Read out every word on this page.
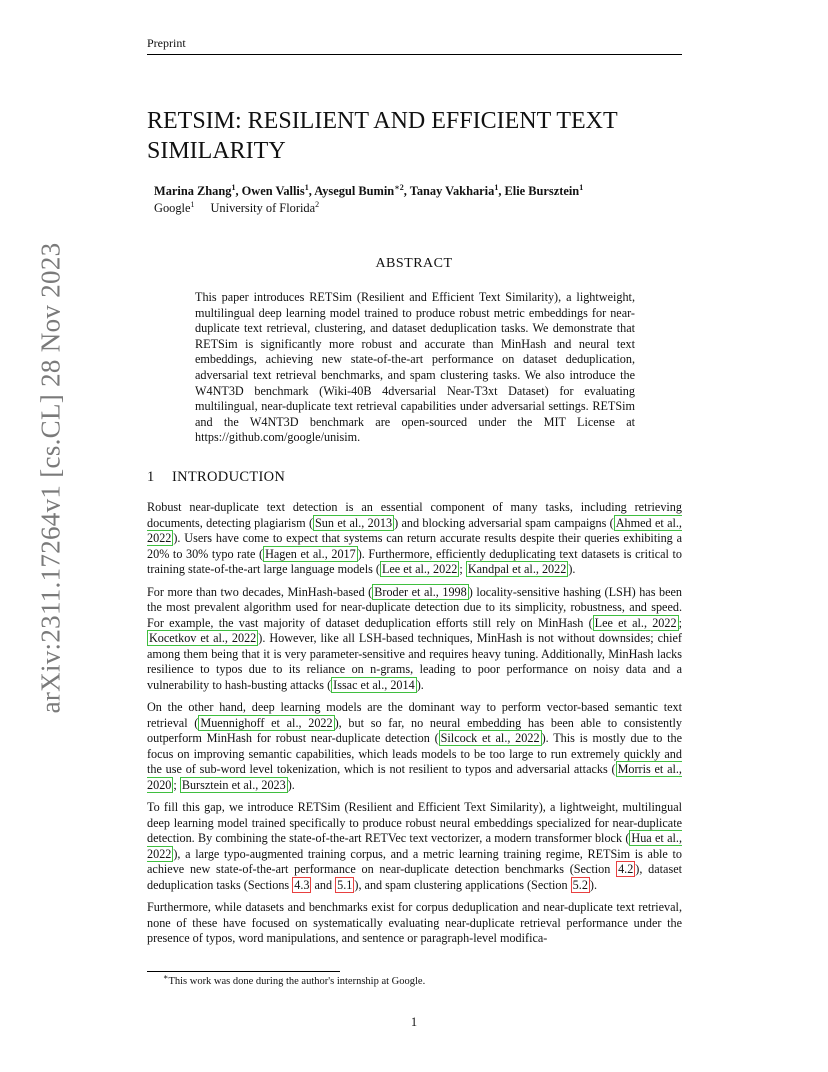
Preprint
arXiv:2311.17264v1 [cs.CL] 28 Nov 2023
RETSIM: RESILIENT AND EFFICIENT TEXT
SIMILARITY
Marina Zhang$^1$, Owen Vallis$^1$, Aysegul Bumin$^{∗2}$, Tanay Vakharia$^1$, Elie Bursztein$^1$
Google$^1$ University of Florida$^2$
ABSTRACT
This paper introduces RETSim (Resilient and Efficient Text Similarity), a lightweight, multilingual deep learning model trained to produce robust metric embeddings for near-duplicate text retrieval, clustering, and dataset deduplication tasks. We demonstrate that RETSim is significantly more robust and accurate than MinHash and neural text embeddings, achieving new state-of-the-art performance on dataset deduplication, adversarial text retrieval benchmarks, and spam clustering tasks. We also introduce the W4NT3D benchmark (Wiki-40B 4dversarial Near-T3xt Dataset) for evaluating multilingual, near-duplicate text retrieval capabilities under adversarial settings. RETSim and the W4NT3D benchmark are open-sourced under the MIT License at https://github.com/google/unisim.
1 INTRODUCTION

Robust near-duplicate text detection is an essential component of many tasks, including retrieving documents, detecting plagiarism ( Sun et al., 2013 ) and blocking adversarial spam campaigns ( Ahmed et al., 2022 ). Users have come to expect that systems can return accurate results despite their queries exhibiting a 20% to 30% typo rate ( Hagen et al., 2017 ). Furthermore, efficiently deduplicating text datasets is critical to training state-of-the-art large language models ( Lee et al., 2022 ; Kandpal et al., 2022 ).

For more than two decades, MinHash-based ( Broder et al., 1998 ) locality-sensitive hashing (LSH) has been the most prevalent algorithm used for near-duplicate detection due to its simplicity, robustness, and speed. For example, the vast majority of dataset deduplication efforts still rely on MinHash ( Lee et al., 2022 ; Kocetkov et al., 2022 ). However, like all LSH-based techniques, MinHash is not without downsides; chief among them being that it is very parameter-sensitive and requires heavy tuning. Additionally, MinHash lacks resilience to typos due to its reliance on n-grams, leading to poor performance on noisy data and a vulnerability to hash-busting attacks ( Issac et al., 2014 ).

On the other hand, deep learning models are the dominant way to perform vector-based semantic text retrieval ( Muennighoff et al., 2022 ), but so far, no neural embedding has been able to consistently outperform MinHash for robust near-duplicate detection ( Silcock et al., 2022 ). This is mostly due to the focus on improving semantic capabilities, which leads models to be too large to run extremely quickly and the use of sub-word level tokenization, which is not resilient to typos and adversarial attacks ( Morris et al., 2020 ; Bursztein et al., 2023 ).

To fill this gap, we introduce RETSim (Resilient and Efficient Text Similarity), a lightweight, multilingual deep learning model trained specifically to produce robust neural embeddings specialized for near-duplicate detection. By combining the state-of-the-art RETVec text vectorizer, a modern transformer block ( Hua et al., 2022 ), a large typo-augmented training corpus, and a metric learning training regime, RETSim is able to achieve new state-of-the-art performance on near-duplicate detection benchmarks (Section 4.2 ), dataset deduplication tasks (Sections 4.3 and 5.1 ), and spam clustering applications (Section 5.2 ).

Furthermore, while datasets and benchmarks exist for corpus deduplication and near-duplicate text retrieval, none of these have focused on systematically evaluating near-duplicate retrieval performance under the presence of typos, word manipulations, and sentence or paragraph-level modifica-

∗This work was done during the author's internship at Google.
1
